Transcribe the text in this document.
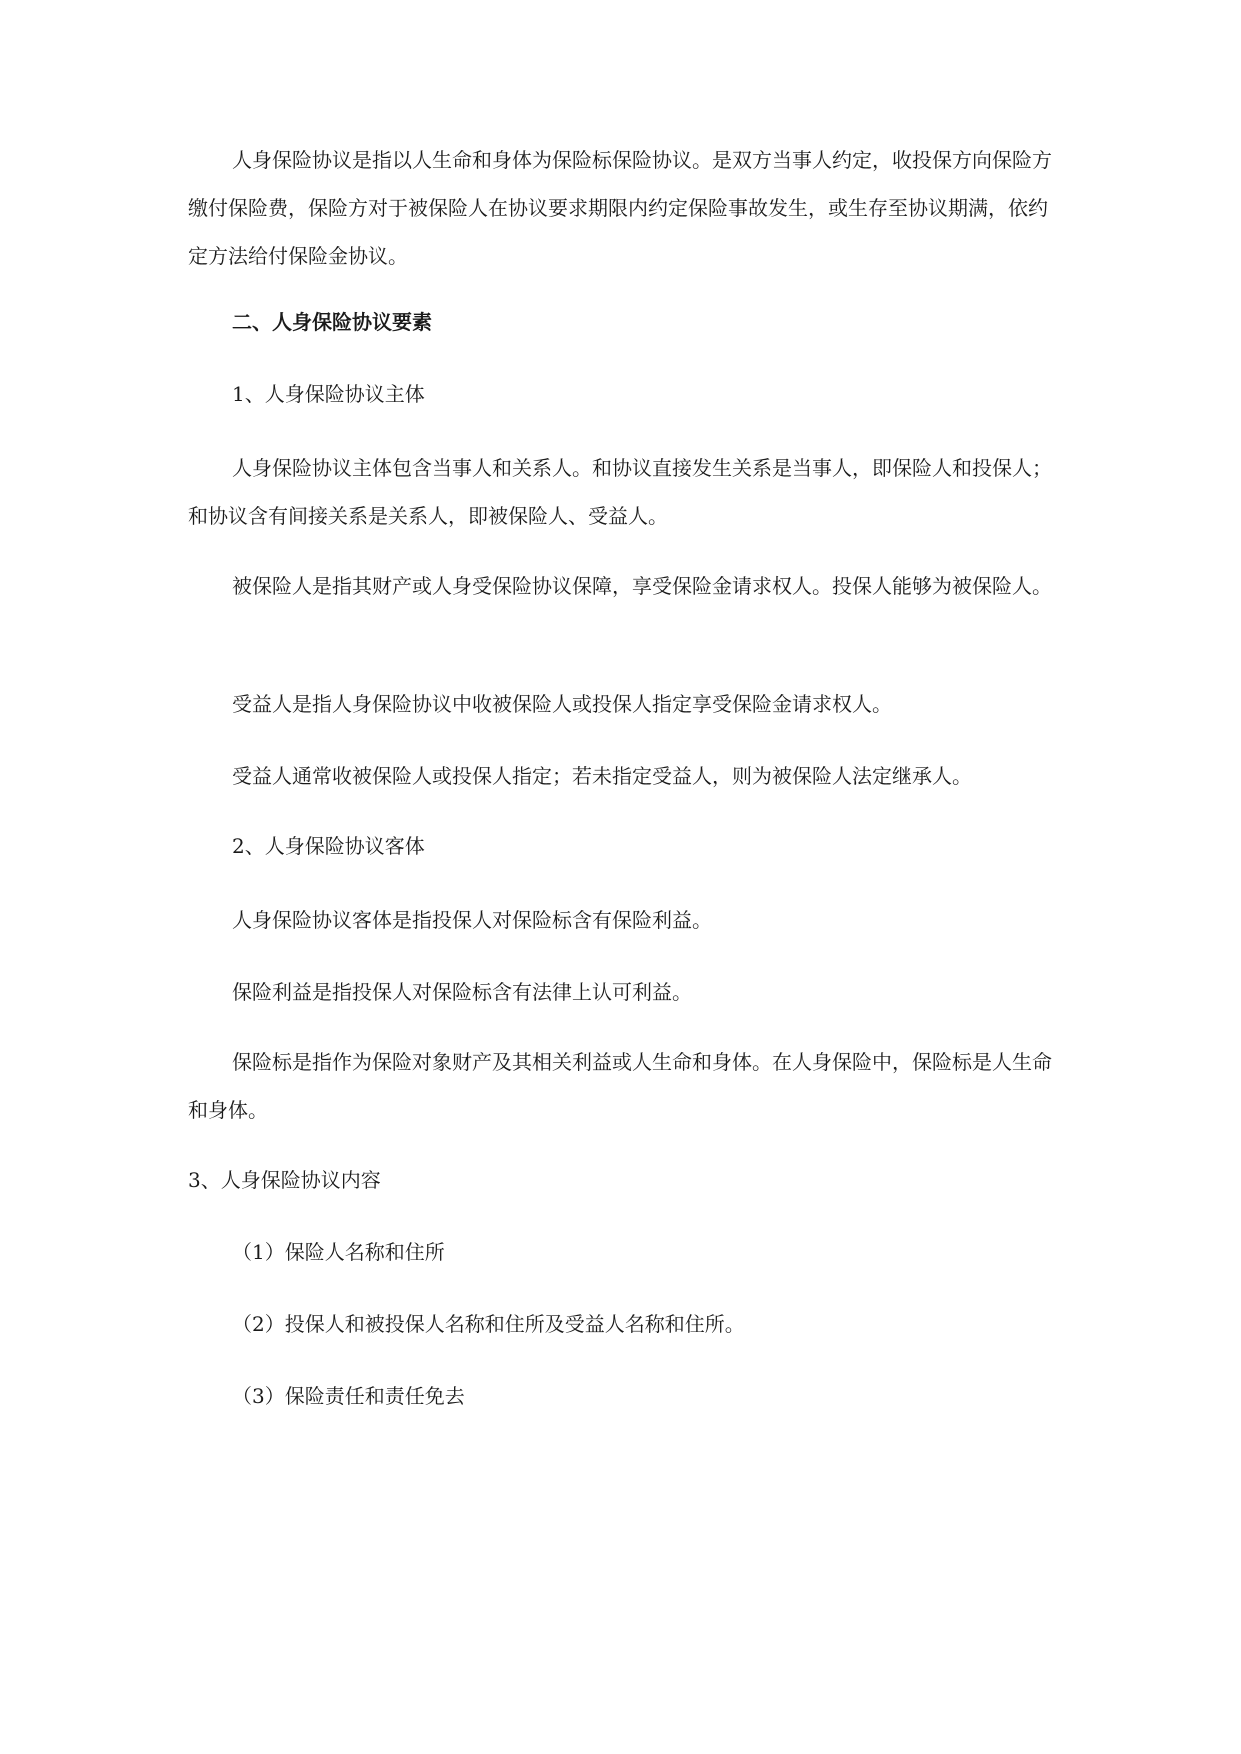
人身保险协议是指以人生命和身体为保险标保险协议。是双方当事人约定，收投保方向保险方缴付保险费，保险方对于被保险人在协议要求期限内约定保险事故发生，或生存至协议期满，依约定方法给付保险金协议。

二、人身保险协议要素

1、人身保险协议主体

人身保险协议主体包含当事人和关系人。和协议直接发生关系是当事人，即保险人和投保人；和协议含有间接关系是关系人，即被保险人、受益人。

被保险人是指其财产或人身受保险协议保障，享受保险金请求权人。投保人能够为被保险人。

受益人是指人身保险协议中收被保险人或投保人指定享受保险金请求权人。

受益人通常收被保险人或投保人指定；若未指定受益人，则为被保险人法定继承人。

2、人身保险协议客体

人身保险协议客体是指投保人对保险标含有保险利益。

保险利益是指投保人对保险标含有法律上认可利益。

保险标是指作为保险对象财产及其相关利益或人生命和身体。在人身保险中，保险标是人生命和身体。

3、人身保险协议内容

（1）保险人名称和住所

（2）投保人和被投保人名称和住所及受益人名称和住所。

（3）保险责任和责任免去
